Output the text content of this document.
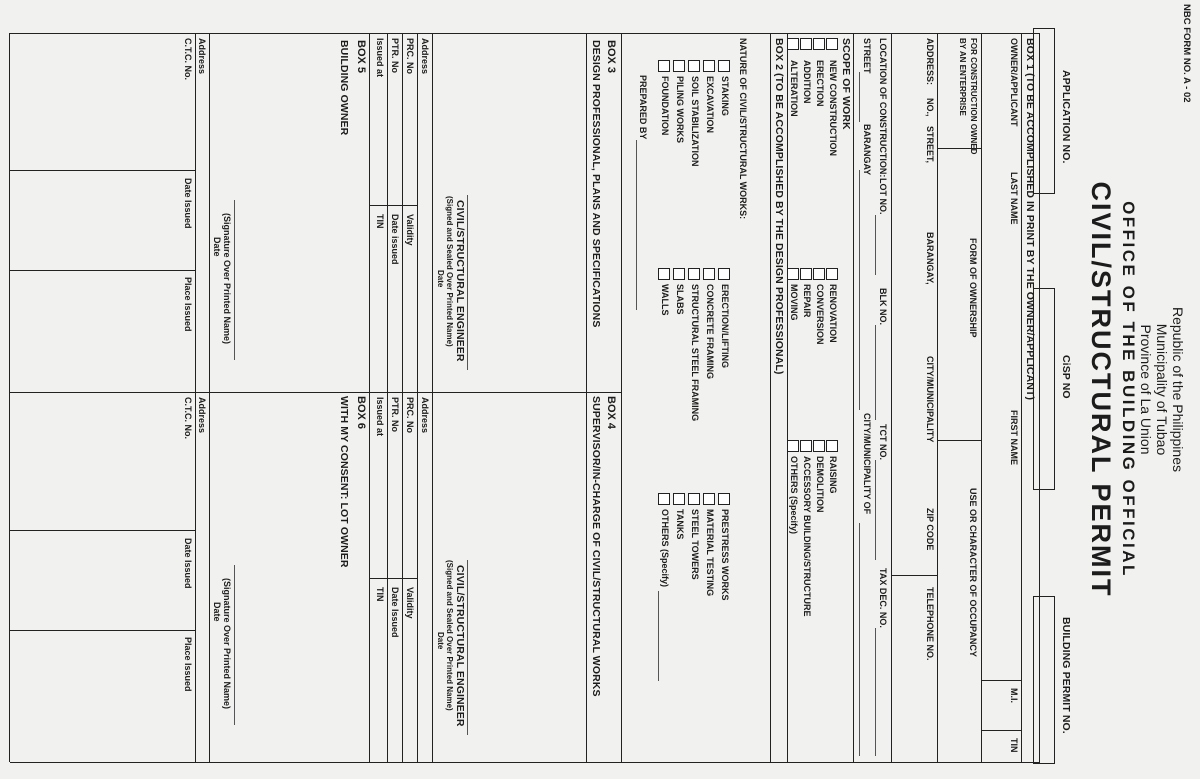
NBC FORM NO. A - 02
Republic of the Philippines
Municipality of Tubao
Province of La Union
OFFICE OF THE BUILDING OFFICIAL
CIVIL/STRUCTURAL PERMIT
APPLICATION NO.
CiSP NO
BUILDING PERMIT NO.
BOX 1 (TO BE ACCOMPLISHED IN PRINT BY THE OWNER/APPLICANT)
OWNER/APPLICANT
LAST NAME
FIRST NAME
M.I.
TIN
FOR CONSTRUCTION OWNED
BY AN ENTERPRISE
FORM OF OWNERSHIP
USE OR CHARACTER OF OCCUPANCY
ADDRESS:
NO.,
STREET,
BARANGAY,
CITY/MUNICIPALITY
ZIP CODE
TELEPHONE NO.
LOCATION OF CONSTRUCTION:
LOT NO.
BLK NO.
TCT NO.
TAX DEC. NO.
STREET
BARANGAY
CITY/MUNICIPALITY OF
SCOPE OF WORK
NEW CONSTRUCTION
ERECTION
ADDITION
ALTERATION
RENOVATION
CONVERSION
REPAIR
MOVING
RAISING
DEMOLITION
ACCESSORY BUILDING/STRUCTURE
OTHERS (Specify)
BOX 2 (TO BE ACCOMPLISHED BY THE DESIGN PROFESSIONAL)
NATURE OF CIVIL/STRUCTURAL WORKS:
STAKING
EXCAVATION
SOIL STABILIZATION
PILING WORKS
FOUNDATION
ERECTION/LIFTING
CONCRETE FRAMING
STRUCTURAL STEEL FRAMING
SLABS
WALLS
PRESTRESS WORKS
MATERIAL TESTING
STEEL TOWERS
TANKS
OTHERS (Specify)
PREPARED BY
BOX 3
DESIGN PROFESSIONAL, PLANS AND SPECIFICATIONS
CIVIL/STRUCTURAL ENGINEER
(Signed and Sealed Over Printed Name)
Date
Address
PRC. No
Validity
PTR. No
Date issued
Issued at
TIN
BOX 5
BUILDING OWNER
(Signature Over Printed Name)
Date
Address
C.T.C. No.
Date Issued
Place Issued
BOX 4
SUPERVISOR/IN-CHARGE OF CIVIL/STRUCTURAL WORKS
CIVIL/STRUCTURAL ENGINEER
(Signed and Sealed Over Printed Name)
Date
Address
PRC. No
Validity
PTR. No
Date Issued
Issued at
TIN
BOX 6
WITH MY CONSENT: LOT OWNER
(Signature Over Printed Name)
Date
Address
C.T.C. No.
Date Issued
Place Issued
